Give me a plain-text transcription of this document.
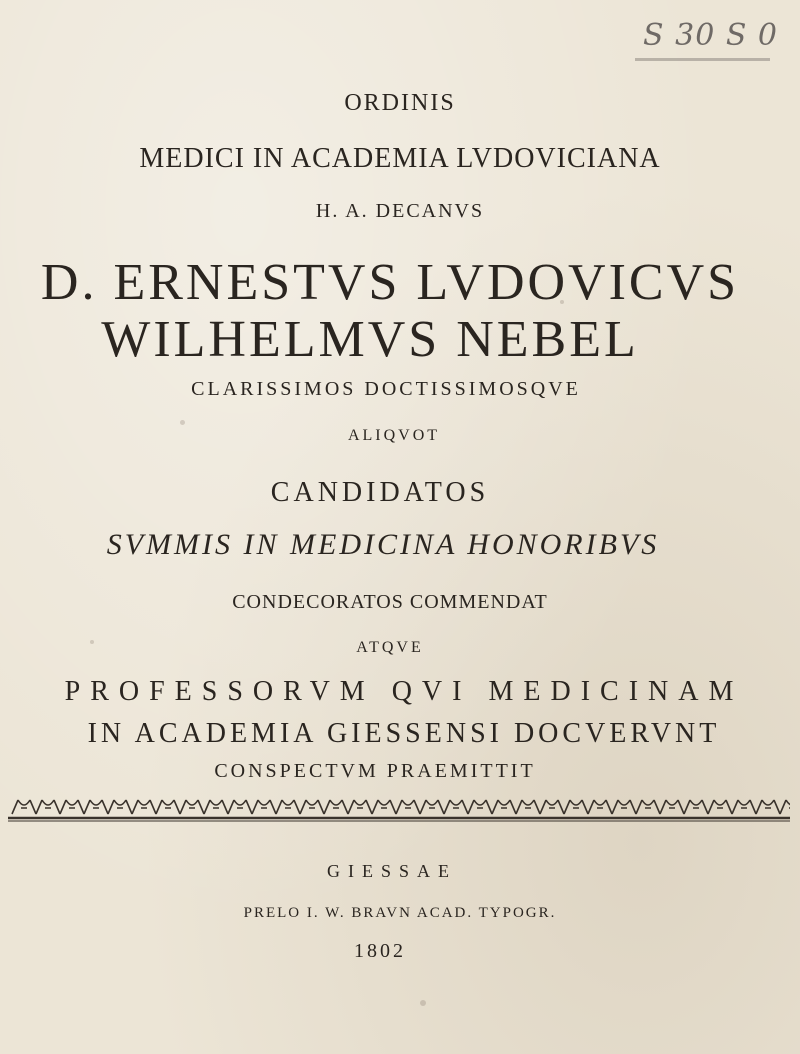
S 30 S 0

ORDINIS

MEDICI IN ACADEMIA LVDOVICIANA

H. A. DECANVS

D. ERNESTVS LVDOVICVS

WILHELMVS NEBEL

CLARISSIMOS DOCTISSIMOSQVE

ALIQVOT

CANDIDATOS

SVMMIS IN MEDICINA HONORIBVS

CONDECORATOS COMMENDAT

ATQVE

PROFESSORVM QVI MEDICINAM

IN ACADEMIA GIESSENSI DOCVERVNT

CONSPECTVM PRAEMITTIT

GIESSAE

PRELO I. W. BRAVN ACAD. TYPOGR.

1802
